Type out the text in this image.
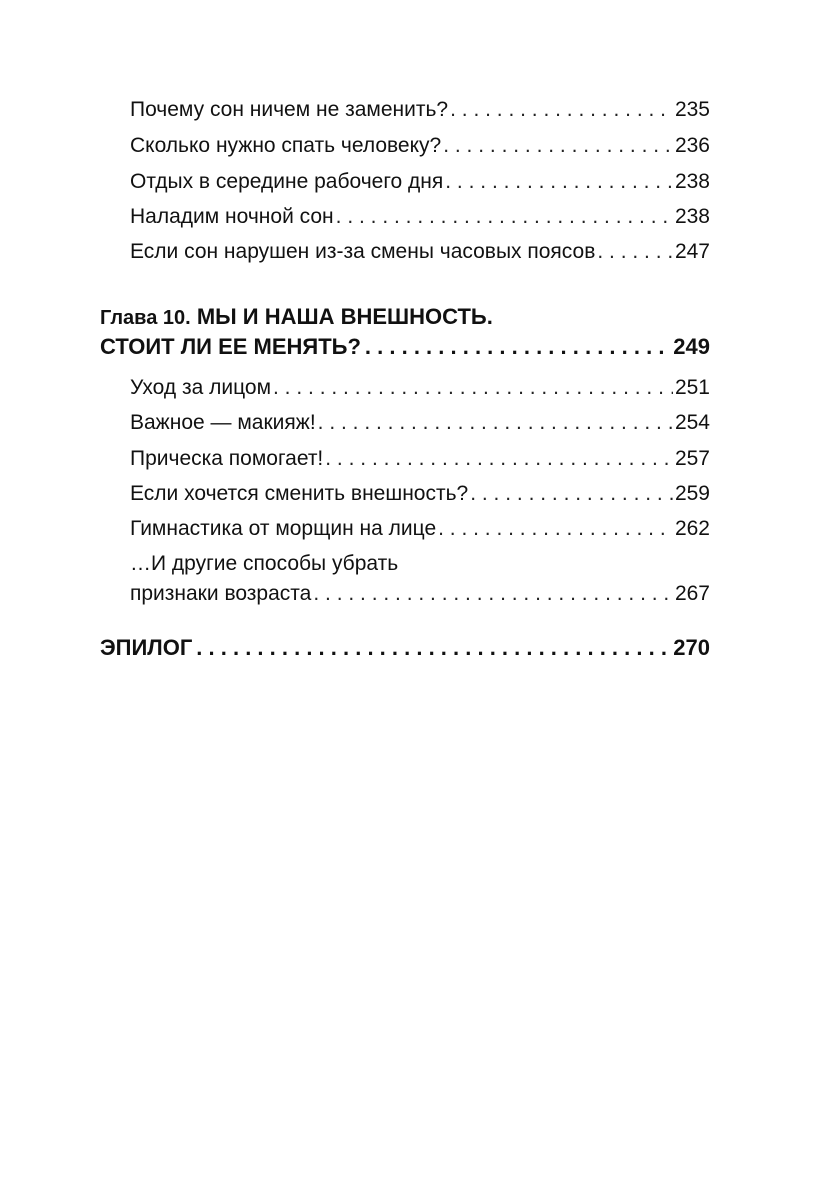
Почему сон ничем не заменить? . . .	235
Сколько нужно спать человеку? . . .	236
Отдых в середине рабочего дня . . .	238
Наладим ночной сон . . .	238
Если сон нарушен из-за смены часовых поясов . . .	247
Глава 10. МЫ И НАША ВНЕШНОСТЬ.
СТОИТ ЛИ ЕЕ МЕНЯТЬ? . . .	249
Уход за лицом . . .	251
Важное — макияж! . . .	254
Прическа помогает! . . .	257
Если хочется сменить внешность? . . .	259
Гимнастика от морщин на лице . . .	262
…И другие способы убрать
признаки возраста . . .	267
ЭПИЛОГ . . .	270
